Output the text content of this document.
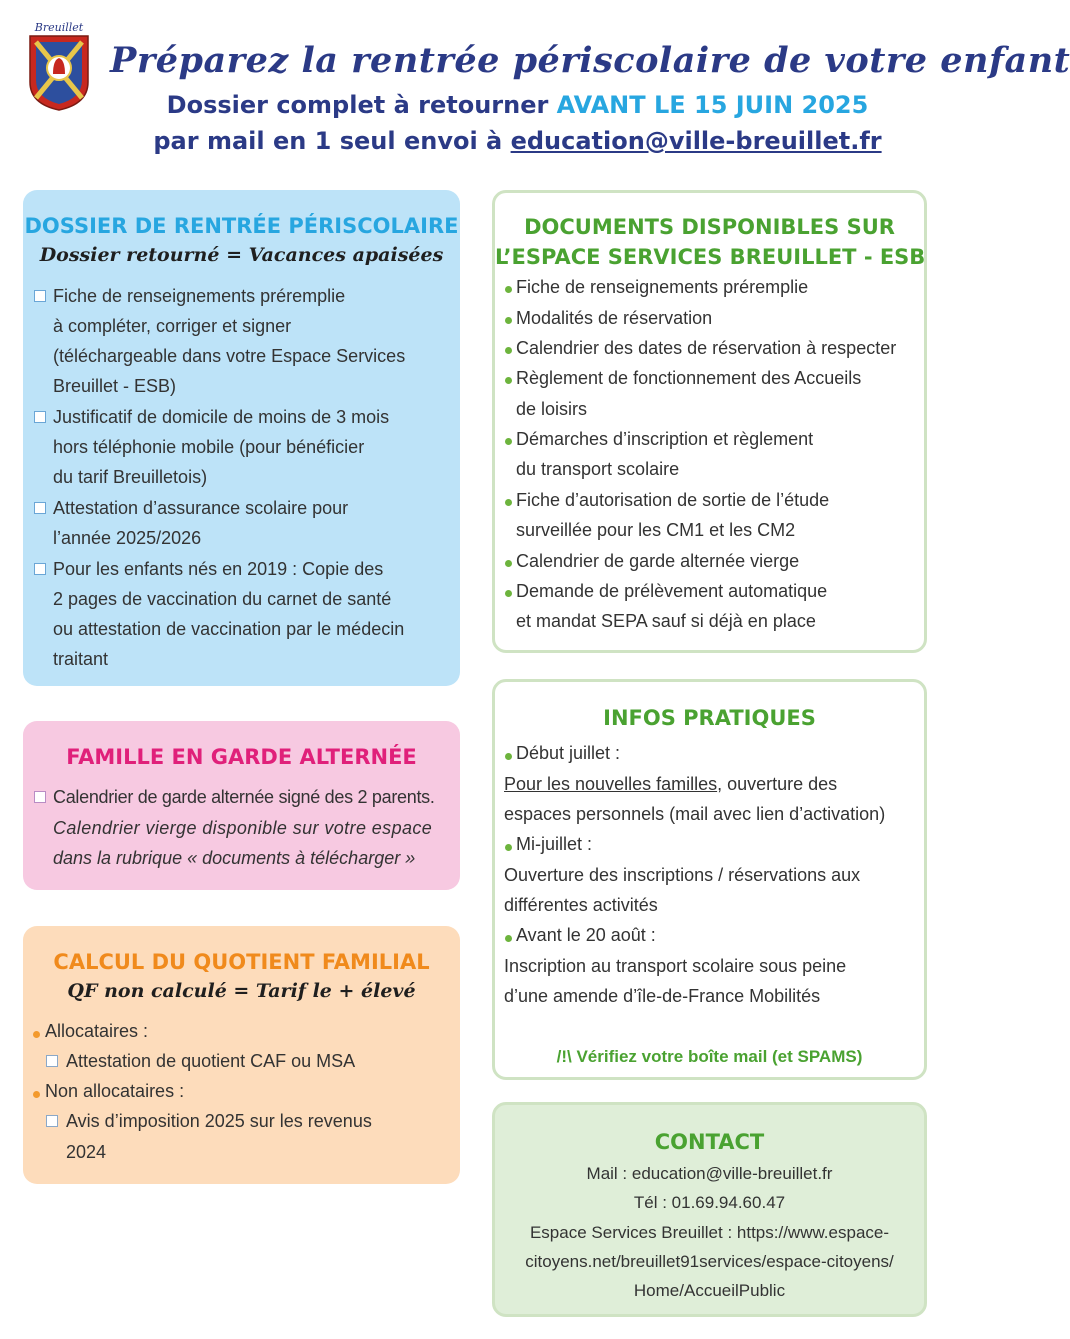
Breuillet
Préparez la rentrée périscolaire de votre enfant
Dossier complet à retourner AVANT LE 15 JUIN 2025
par mail en 1 seul envoi à education@ville-breuillet.fr
DOSSIER DE RENTRÉE PÉRISCOLAIRE
Dossier retourné = Vacances apaisées
Fiche de renseignements préremplie
à compléter, corriger et signer
(téléchargeable dans votre Espace Services
Breuillet - ESB)
Justificatif de domicile de moins de 3 mois
hors téléphonie mobile (pour bénéficier
du tarif Breuilletois)
Attestation d’assurance scolaire pour
l’année 2025/2026
Pour les enfants nés en 2019 : Copie des
2 pages de vaccination du carnet de santé
ou attestation de vaccination par le médecin
traitant
FAMILLE EN GARDE ALTERNÉE
Calendrier de garde alternée signé des 2 parents.
Calendrier vierge disponible sur votre espace
dans la rubrique « documents à télécharger »
CALCUL DU QUOTIENT FAMILIAL
QF non calculé = Tarif le + élevé
Allocataires :
Attestation de quotient CAF ou MSA
Non allocataires :
Avis d’imposition 2025 sur les revenus
2024
DOCUMENTS DISPONIBLES SUR
L’ESPACE SERVICES BREUILLET - ESB
Fiche de renseignements préremplie
Modalités de réservation
Calendrier des dates de réservation à respecter
Règlement de fonctionnement des Accueils
de loisirs
Démarches d’inscription et règlement
du transport scolaire
Fiche d’autorisation de sortie de l’étude
surveillée pour les CM1 et les CM2
Calendrier de garde alternée vierge
Demande de prélèvement automatique
et mandat SEPA sauf si déjà en place
INFOS PRATIQUES
Début juillet :
Pour les nouvelles familles, ouverture des
espaces personnels (mail avec lien d’activation)
Mi-juillet :
Ouverture des inscriptions / réservations aux
différentes activités
Avant le 20 août :
Inscription au transport scolaire sous peine
d’une amende d’île-de-France Mobilités
/!\ Vérifiez votre boîte mail (et SPAMS)
CONTACT
Mail : education@ville-breuillet.fr
Tél : 01.69.94.60.47
Espace Services Breuillet : https://www.espace-
citoyens.net/breuillet91services/espace-citoyens/
Home/AccueilPublic
